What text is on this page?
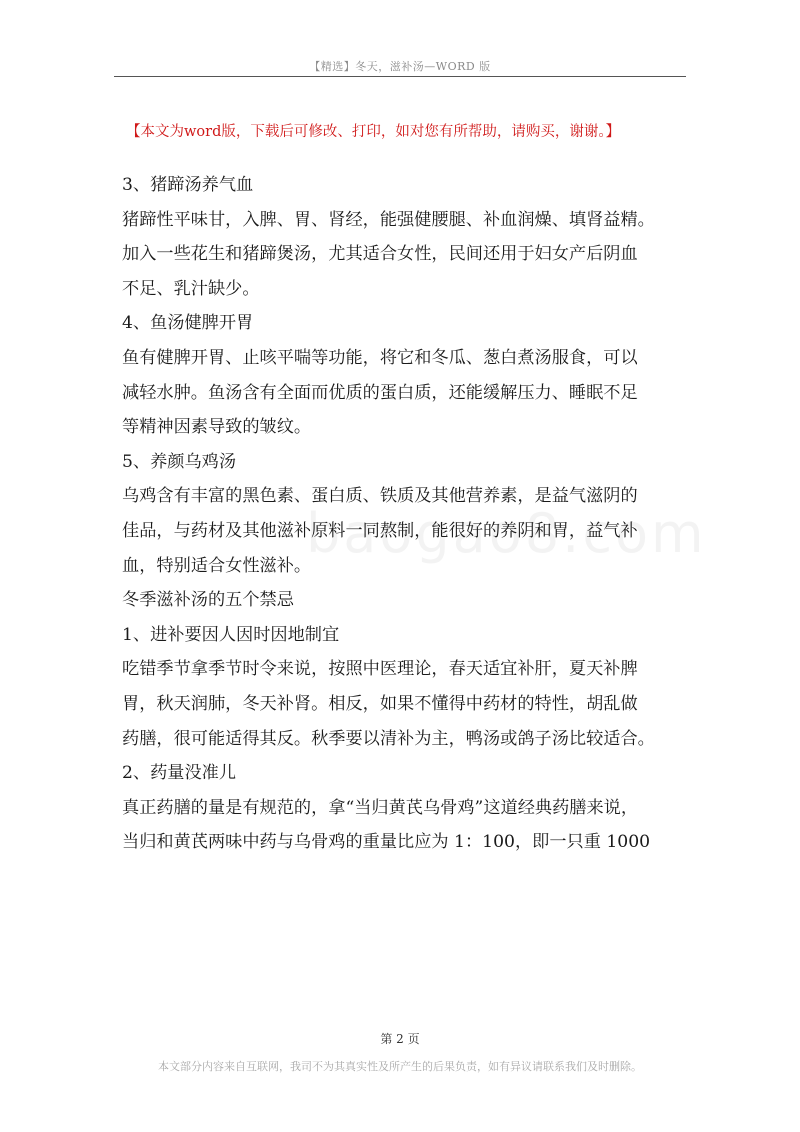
【精选】冬天，滋补汤—WORD 版
【本文为word版，下载后可修改、打印，如对您有所帮助，请购买，谢谢。】
3、猪蹄汤养气血
猪蹄性平味甘，入脾、胃、肾经，能强健腰腿、补血润燥、填肾益精。
加入一些花生和猪蹄煲汤，尤其适合女性，民间还用于妇女产后阴血
不足、乳汁缺少。
4、鱼汤健脾开胃
鱼有健脾开胃、止咳平喘等功能，将它和冬瓜、葱白煮汤服食，可以
减轻水肿。鱼汤含有全面而优质的蛋白质，还能缓解压力、睡眠不足
等精神因素导致的皱纹。
5、养颜乌鸡汤
乌鸡含有丰富的黑色素、蛋白质、铁质及其他营养素，是益气滋阴的
佳品，与药材及其他滋补原料一同熬制，能很好的养阴和胃，益气补
血，特别适合女性滋补。
冬季滋补汤的五个禁忌
1、进补要因人因时因地制宜
吃错季节拿季节时令来说，按照中医理论，春天适宜补肝，夏天补脾
胃，秋天润肺，冬天补肾。相反，如果不懂得中药材的特性，胡乱做
药膳，很可能适得其反。秋季要以清补为主，鸭汤或鸽子汤比较适合。
2、药量没准儿
真正药膳的量是有规范的，拿“当归黄芪乌骨鸡”这道经典药膳来说，
当归和黄芪两味中药与乌骨鸡的重量比应为 1：100，即一只重 1000
第 2 页
本文部分内容来自互联网，我司不为其真实性及所产生的后果负责，如有异议请联系我们及时删除。
